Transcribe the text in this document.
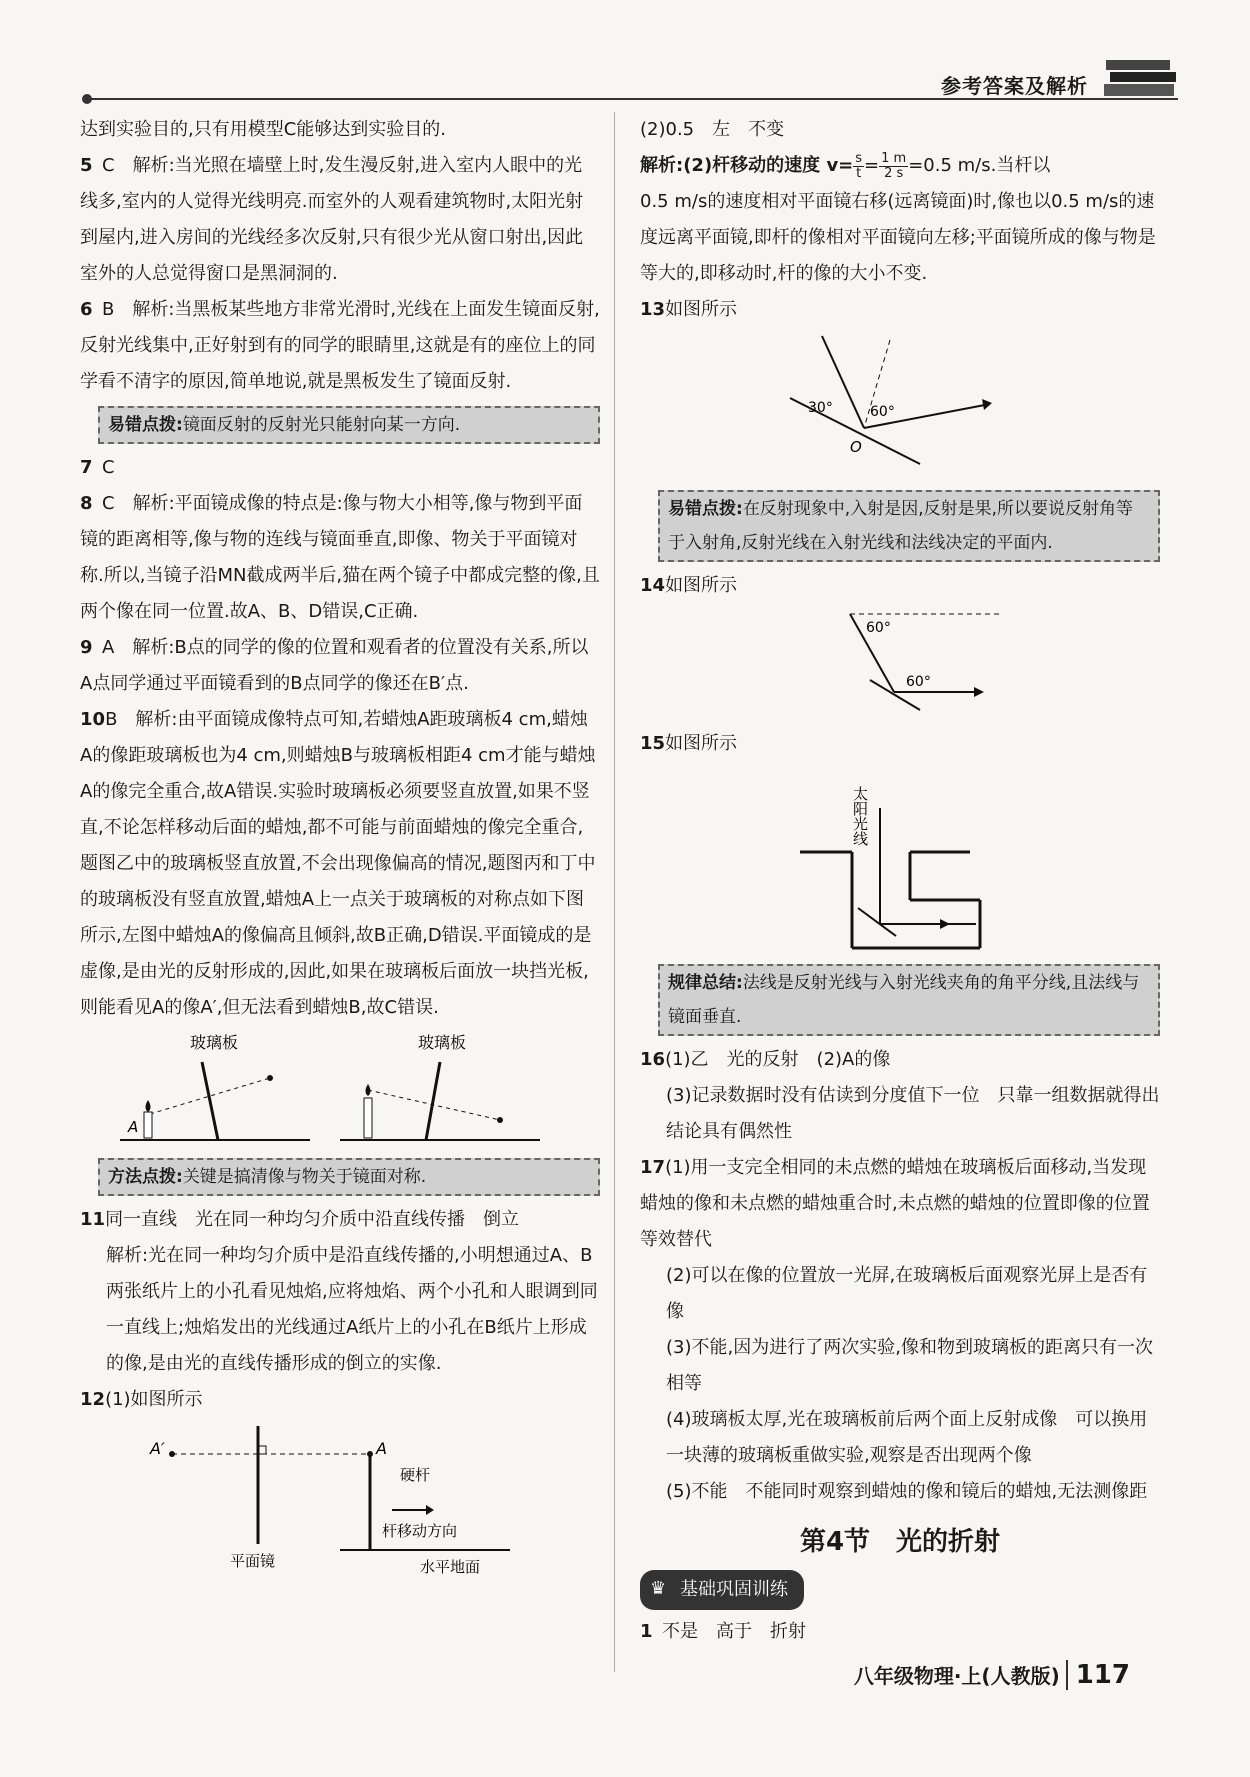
参考答案及解析

达到实验目的,只有用模型C能够达到实验目的.

5 C　解析:当光照在墙壁上时,发生漫反射,进入室内人眼中的光线多,室内的人觉得光线明亮.而室外的人观看建筑物时,太阳光射到屋内,进入房间的光线经多次反射,只有很少光从窗口射出,因此室外的人总觉得窗口是黑洞洞的.

6 B　解析:当黑板某些地方非常光滑时,光线在上面发生镜面反射,反射光线集中,正好射到有的同学的眼睛里,这就是有的座位上的同学看不清字的原因,简单地说,就是黑板发生了镜面反射.

易错点拨:镜面反射的反射光只能射向某一方向.

7 C

8 C　解析:平面镜成像的特点是:像与物大小相等,像与物到平面镜的距离相等,像与物的连线与镜面垂直,即像、物关于平面镜对称.所以,当镜子沿MN截成两半后,猫在两个镜子中都成完整的像,且两个像在同一位置.故A、B、D错误,C正确.

9 A　解析:B点的同学的像的位置和观看者的位置没有关系,所以A点同学通过平面镜看到的B点同学的像还在B′点.

10B　解析:由平面镜成像特点可知,若蜡烛A距玻璃板4 cm,蜡烛A的像距玻璃板也为4 cm,则蜡烛B与玻璃板相距4 cm才能与蜡烛A的像完全重合,故A错误.实验时玻璃板必须要竖直放置,如果不竖直,不论怎样移动后面的蜡烛,都不可能与前面蜡烛的像完全重合,题图乙中的玻璃板竖直放置,不会出现像偏高的情况,题图丙和丁中的玻璃板没有竖直放置,蜡烛A上一点关于玻璃板的对称点如下图所示,左图中蜡烛A的像偏高且倾斜,故B正确,D错误.平面镜成的是虚像,是由光的反射形成的,因此,如果在玻璃板后面放一块挡光板,则能看见A的像A′,但无法看到蜡烛B,故C错误.

玻璃板
A
玻璃板
方法点拨:关键是搞清像与物关于镜面对称.

11同一直线　光在同一种均匀介质中沿直线传播　倒立

解析:光在同一种均匀介质中是沿直线传播的,小明想通过A、B两张纸片上的小孔看见烛焰,应将烛焰、两个小孔和人眼调到同一直线上;烛焰发出的光线通过A纸片上的小孔在B纸片上形成的像,是由光的直线传播形成的倒立的实像.

12(1)如图所示

A′	A
硬杆
杆移动方向
平面镜	水平地面

(2)0.5　左　不变

解析:(2)杆移动的速度 $v= \frac{s}{t} = \frac{1 m}{2 s} =0.5$ m/s.当杆以

0.5 m/s的速度相对平面镜右移(远离镜面)时,像也以0.5 m/s的速度远离平面镜,即杆的像相对平面镜向左移;平面镜所成的像与物是等大的,即移动时,杆的像的大小不变.

13如图所示

30°	60°
O
易错点拨:在反射现象中,入射是因,反射是果,所以要说反射角等于入射角,反射光线在入射光线和法线决定的平面内.

14如图所示

60°
60°

15如图所示

太阳光线
规律总结:法线是反射光线与入射光线夹角的角平分线,且法线与镜面垂直.

16(1)乙　光的反射　(2)A的像

(3)记录数据时没有估读到分度值下一位　只靠一组数据就得出结论具有偶然性

17(1)用一支完全相同的未点燃的蜡烛在玻璃板后面移动,当发现蜡烛的像和未点燃的蜡烛重合时,未点燃的蜡烛的位置即像的位置　等效替代

(2)可以在像的位置放一光屏,在玻璃板后面观察光屏上是否有像

(3)不能,因为进行了两次实验,像和物到玻璃板的距离只有一次相等

(4)玻璃板太厚,光在玻璃板前后两个面上反射成像　可以换用一块薄的玻璃板重做实验,观察是否出现两个像

(5)不能　不能同时观察到蜡烛的像和镜后的蜡烛,无法测像距

第4节　光的折射
♛ 基础巩固训练

1 不是　高于　折射

八年级物理·上(人教版) 117
